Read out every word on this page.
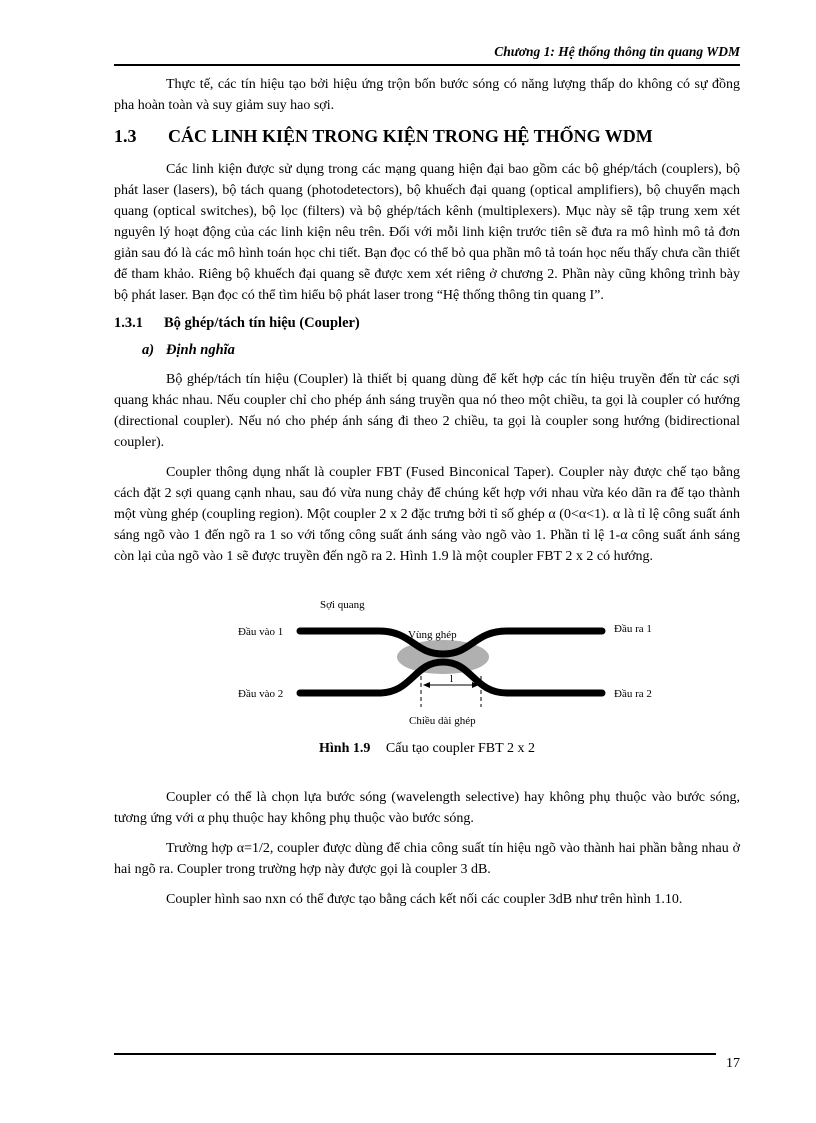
Chương 1: Hệ thống thông tin quang WDM

Thực tế, các tín hiệu tạo bởi hiệu ứng trộn bốn bước sóng có năng lượng thấp do không có sự đồng pha hoàn toàn và suy giảm suy hao sợi.

1.3	CÁC LINH KIỆN TRONG KIỆN TRONG HỆ THỐNG WDM

Các linh kiện được sử dụng trong các mạng quang hiện đại bao gồm các bộ ghép/tách (couplers), bộ phát laser (lasers), bộ tách quang (photodetectors), bộ khuếch đại quang (optical amplifiers), bộ chuyển mạch quang (optical switches), bộ lọc (filters) và bộ ghép/tách kênh (multiplexers). Mục này sẽ tập trung xem xét nguyên lý hoạt động của các linh kiện nêu trên. Đối với mỗi linh kiện trước tiên sẽ đưa ra mô hình mô tả đơn giản sau đó là các mô hình toán học chi tiết. Bạn đọc có thể bỏ qua phần mô tả toán học nếu thấy chưa cần thiết để tham khảo. Riêng bộ khuếch đại quang sẽ được xem xét riêng ở chương 2. Phần này cũng không trình bày bộ phát laser. Bạn đọc có thể tìm hiểu bộ phát laser trong “Hệ thống thông tin quang I”.

1.3.1	Bộ ghép/tách tín hiệu (Coupler)
a) Định nghĩa

Bộ ghép/tách tín hiệu (Coupler) là thiết bị quang dùng để kết hợp các tín hiệu truyền đến từ các sợi quang khác nhau. Nếu coupler chỉ cho phép ánh sáng truyền qua nó theo một chiều, ta gọi là coupler có hướng (directional coupler). Nếu nó cho phép ánh sáng đi theo 2 chiều, ta gọi là coupler song hướng (bidirectional coupler).

Coupler thông dụng nhất là coupler FBT (Fused Binconical Taper). Coupler này được chế tạo bằng cách đặt 2 sợi quang cạnh nhau, sau đó vừa nung chảy để chúng kết hợp với nhau vừa kéo dãn ra để tạo thành một vùng ghép (coupling region). Một coupler 2 x 2 đặc trưng bởi tỉ số ghép α (0<α<1). α là tỉ lệ công suất ánh sáng ngõ vào 1 đến ngõ ra 1 so với tổng công suất ánh sáng vào ngõ vào 1. Phần tỉ lệ 1-α công suất ánh sáng còn lại của ngõ vào 1 sẽ được truyền đến ngõ ra 2. Hình 1.9 là một coupler FBT 2 x 2 có hướng.

Sợi quang
Đầu vào 1
Đầu vào 2
Đầu ra 1
Đầu ra 2
Vùng ghép
l
Chiều dài ghép
Hình 1.9 Cấu tạo coupler FBT 2 x 2

Coupler có thể là chọn lựa bước sóng (wavelength selective) hay không phụ thuộc vào bước sóng, tương ứng với α phụ thuộc hay không phụ thuộc vào bước sóng.

Trường hợp α=1/2, coupler được dùng để chia công suất tín hiệu ngõ vào thành hai phần bằng nhau ở hai ngõ ra. Coupler trong trường hợp này được gọi là coupler 3 dB.

Coupler hình sao nxn có thể được tạo bằng cách kết nối các coupler 3dB như trên hình 1.10.

17
